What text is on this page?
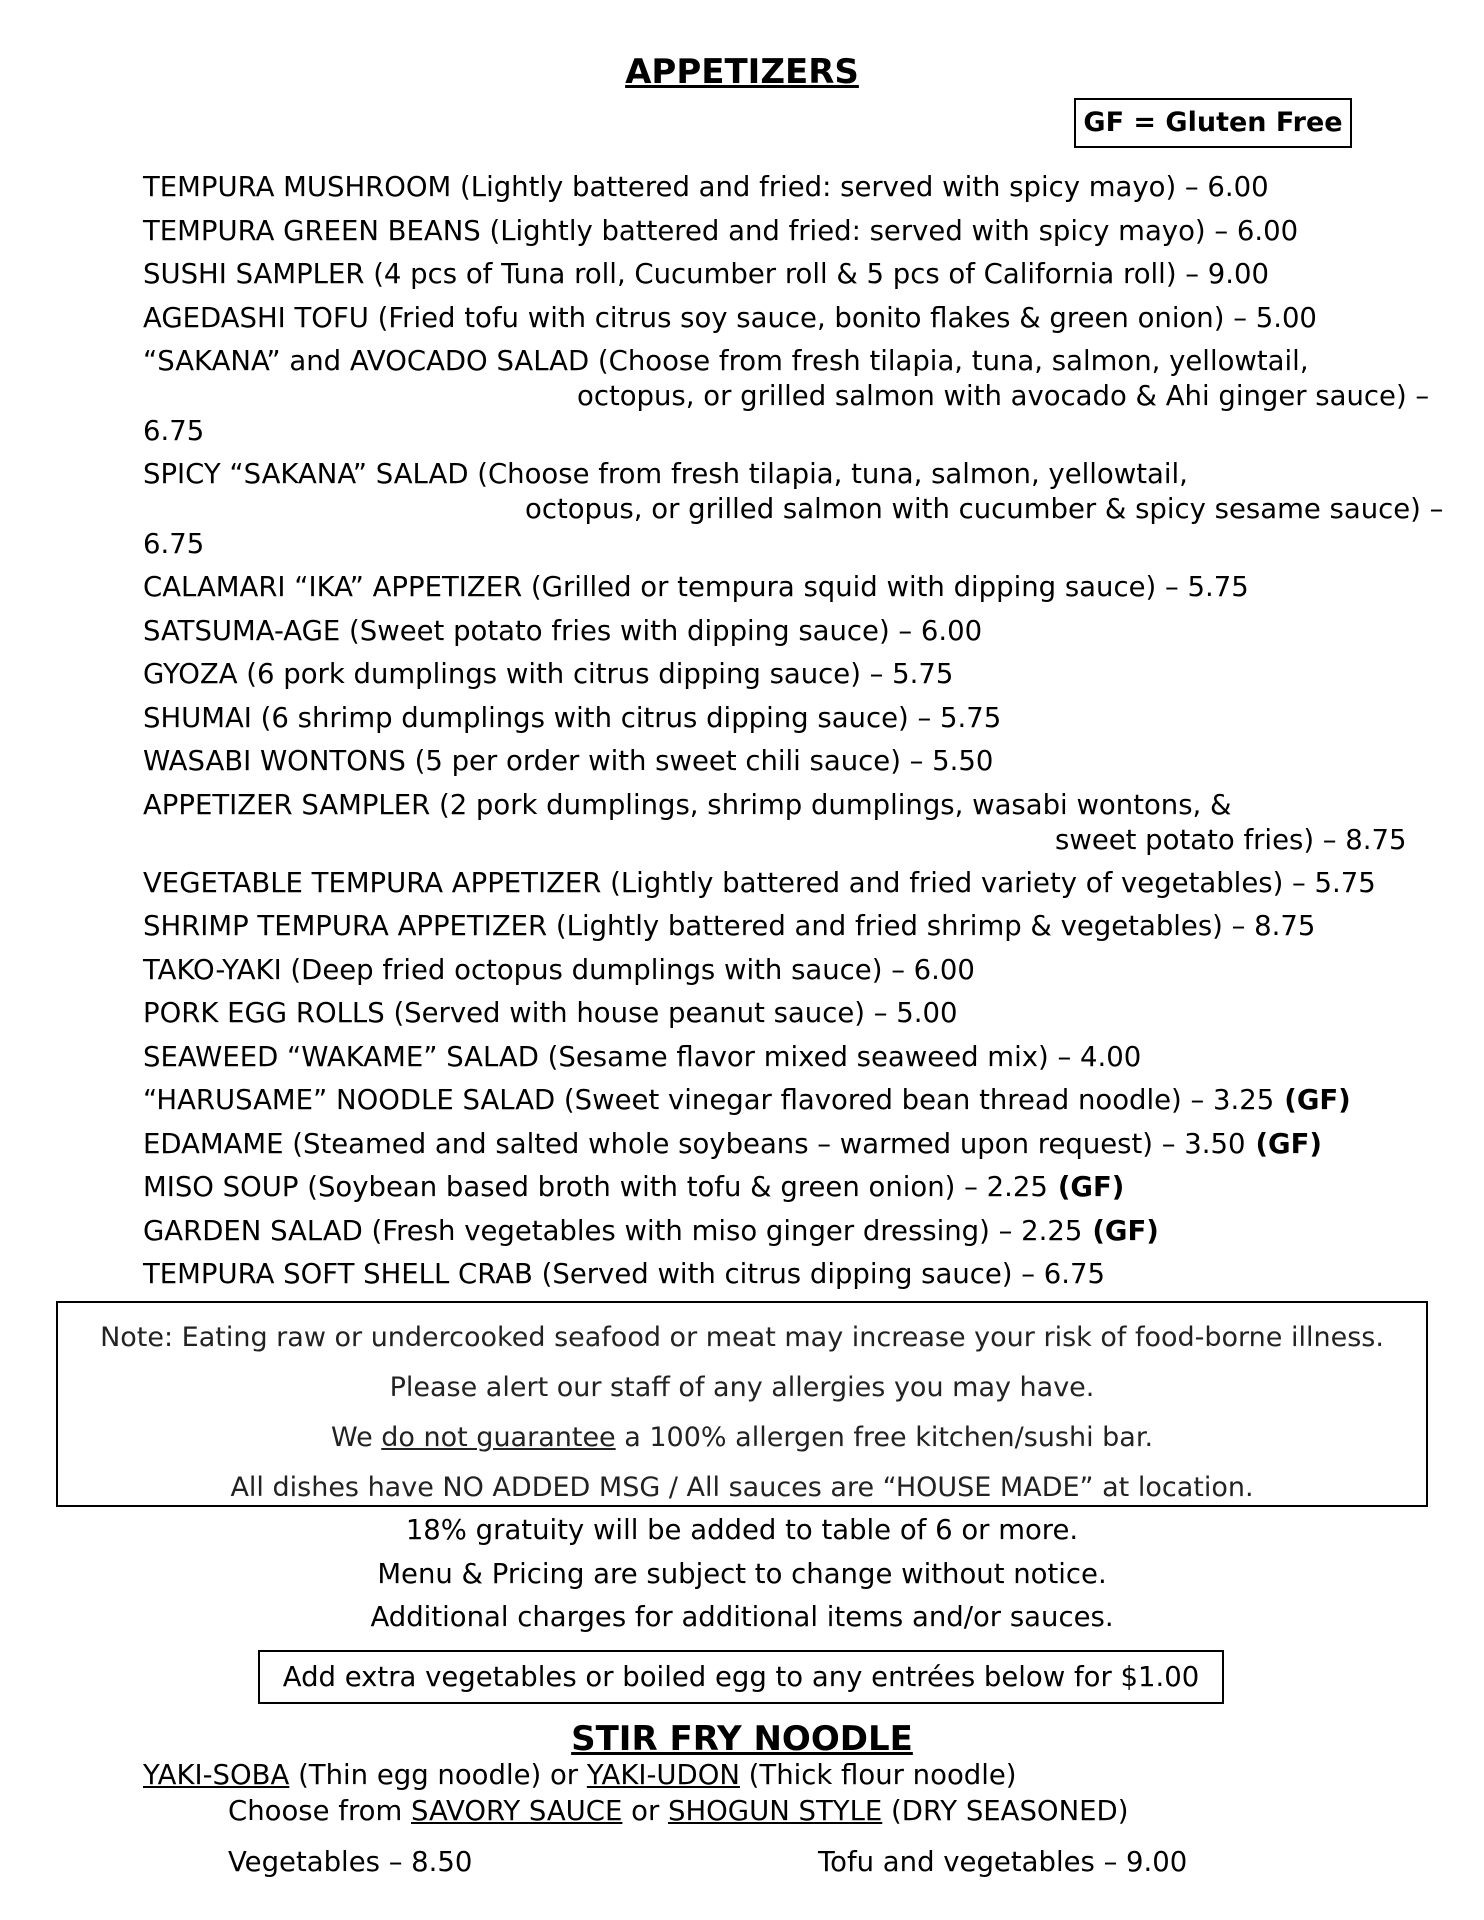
APPETIZERS
GF = Gluten Free
TEMPURA MUSHROOM (Lightly battered and fried: served with spicy mayo) – 6.00
TEMPURA GREEN BEANS (Lightly battered and fried: served with spicy mayo) – 6.00
SUSHI SAMPLER (4 pcs of Tuna roll, Cucumber roll & 5 pcs of California roll) – 9.00
AGEDASHI TOFU (Fried tofu with citrus soy sauce, bonito flakes & green onion) – 5.00
“SAKANA” and AVOCADO SALAD (Choose from fresh tilapia, tuna, salmon, yellowtail,
octopus, or grilled salmon with avocado & Ahi ginger sauce) –
6.75
SPICY “SAKANA” SALAD (Choose from fresh tilapia, tuna, salmon, yellowtail,
octopus, or grilled salmon with cucumber & spicy sesame sauce) –
6.75
CALAMARI “IKA” APPETIZER (Grilled or tempura squid with dipping sauce) – 5.75
SATSUMA-AGE (Sweet potato fries with dipping sauce) – 6.00
GYOZA (6 pork dumplings with citrus dipping sauce) – 5.75
SHUMAI (6 shrimp dumplings with citrus dipping sauce) – 5.75
WASABI WONTONS (5 per order with sweet chili sauce) – 5.50
APPETIZER SAMPLER (2 pork dumplings, shrimp dumplings, wasabi wontons, &
sweet potato fries) – 8.75
VEGETABLE TEMPURA APPETIZER (Lightly battered and fried variety of vegetables) – 5.75
SHRIMP TEMPURA APPETIZER (Lightly battered and fried shrimp & vegetables) – 8.75
TAKO-YAKI (Deep fried octopus dumplings with sauce) – 6.00
PORK EGG ROLLS (Served with house peanut sauce) – 5.00
SEAWEED “WAKAME” SALAD (Sesame flavor mixed seaweed mix) – 4.00
“HARUSAME” NOODLE SALAD (Sweet vinegar flavored bean thread noodle) – 3.25 (GF)
EDAMAME (Steamed and salted whole soybeans – warmed upon request) – 3.50 (GF)
MISO SOUP (Soybean based broth with tofu & green onion) – 2.25 (GF)
GARDEN SALAD (Fresh vegetables with miso ginger dressing) – 2.25 (GF)
TEMPURA SOFT SHELL CRAB (Served with citrus dipping sauce) – 6.75
Note: Eating raw or undercooked seafood or meat may increase your risk of food-borne illness.
Please alert our staff of any allergies you may have.
We do not guarantee a 100% allergen free kitchen/sushi bar.
All dishes have NO ADDED MSG / All sauces are “HOUSE MADE” at location.
18% gratuity will be added to table of 6 or more.
Menu & Pricing are subject to change without notice.
Additional charges for additional items and/or sauces.
Add extra vegetables or boiled egg to any entrées below for $1.00
STIR FRY NOODLE
YAKI-SOBA (Thin egg noodle) or YAKI-UDON (Thick flour noodle)
Choose from SAVORY SAUCE or SHOGUN STYLE (DRY SEASONED)
Vegetables – 8.50	Tofu and vegetables – 9.00
